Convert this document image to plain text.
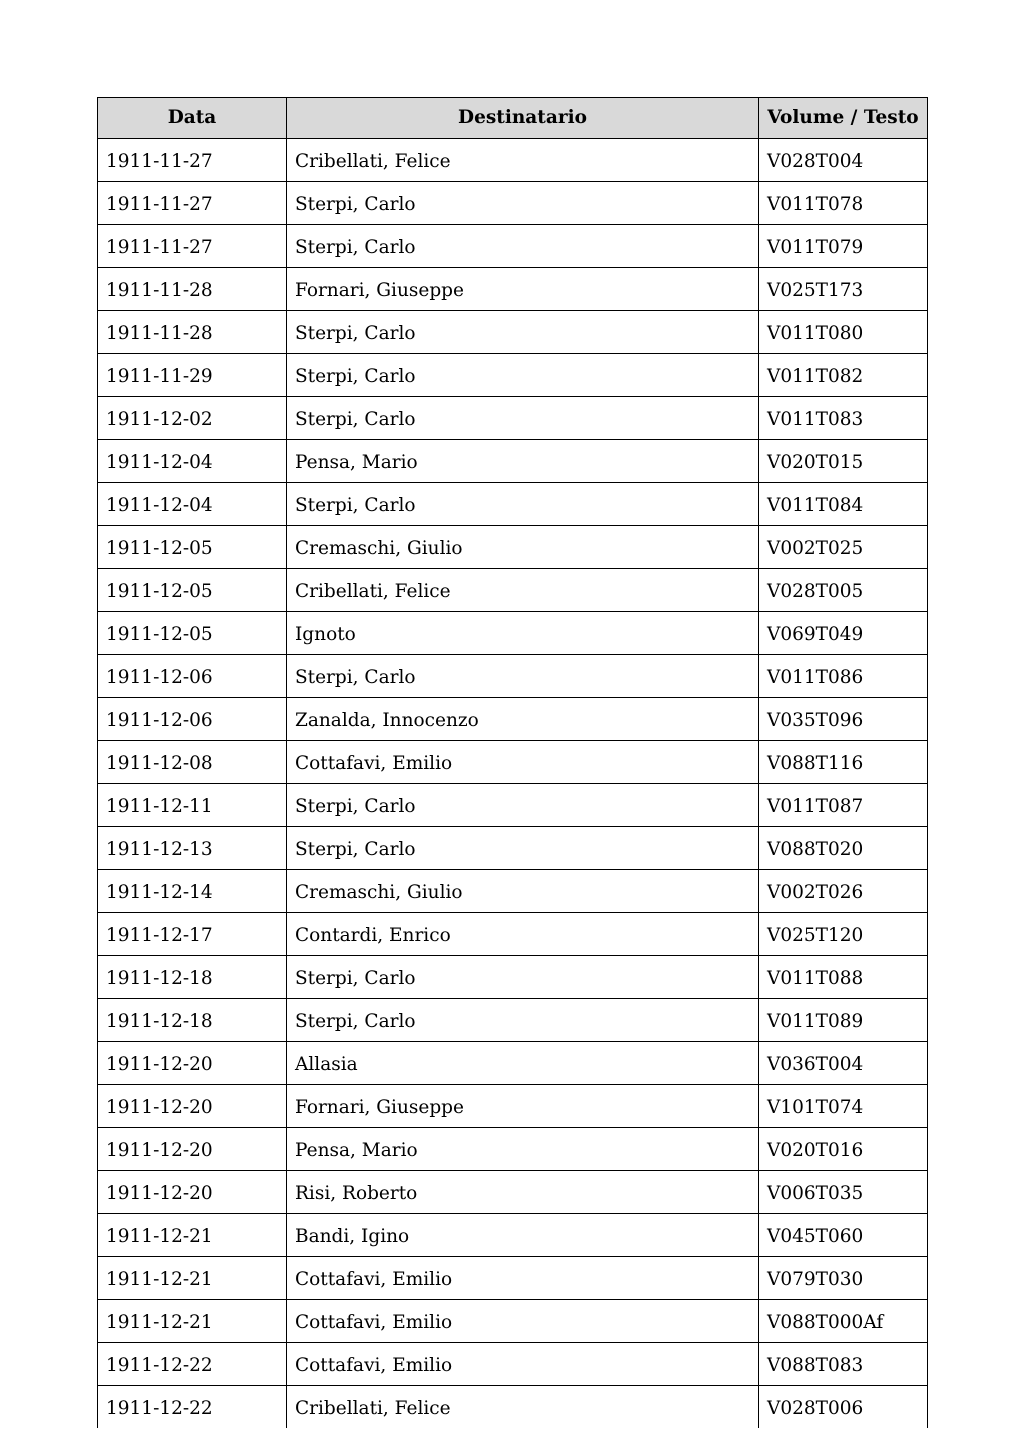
Data	Destinatario	Volume / Testo
1911-11-27	Cribellati, Felice	V028T004
1911-11-27	Sterpi, Carlo	V011T078
1911-11-27	Sterpi, Carlo	V011T079
1911-11-28	Fornari, Giuseppe	V025T173
1911-11-28	Sterpi, Carlo	V011T080
1911-11-29	Sterpi, Carlo	V011T082
1911-12-02	Sterpi, Carlo	V011T083
1911-12-04	Pensa, Mario	V020T015
1911-12-04	Sterpi, Carlo	V011T084
1911-12-05	Cremaschi, Giulio	V002T025
1911-12-05	Cribellati, Felice	V028T005
1911-12-05	Ignoto	V069T049
1911-12-06	Sterpi, Carlo	V011T086
1911-12-06	Zanalda, Innocenzo	V035T096
1911-12-08	Cottafavi, Emilio	V088T116
1911-12-11	Sterpi, Carlo	V011T087
1911-12-13	Sterpi, Carlo	V088T020
1911-12-14	Cremaschi, Giulio	V002T026
1911-12-17	Contardi, Enrico	V025T120
1911-12-18	Sterpi, Carlo	V011T088
1911-12-18	Sterpi, Carlo	V011T089
1911-12-20	Allasia	V036T004
1911-12-20	Fornari, Giuseppe	V101T074
1911-12-20	Pensa, Mario	V020T016
1911-12-20	Risi, Roberto	V006T035
1911-12-21	Bandi, Igino	V045T060
1911-12-21	Cottafavi, Emilio	V079T030
1911-12-21	Cottafavi, Emilio	V088T000Af
1911-12-22	Cottafavi, Emilio	V088T083
1911-12-22	Cribellati, Felice	V028T006
